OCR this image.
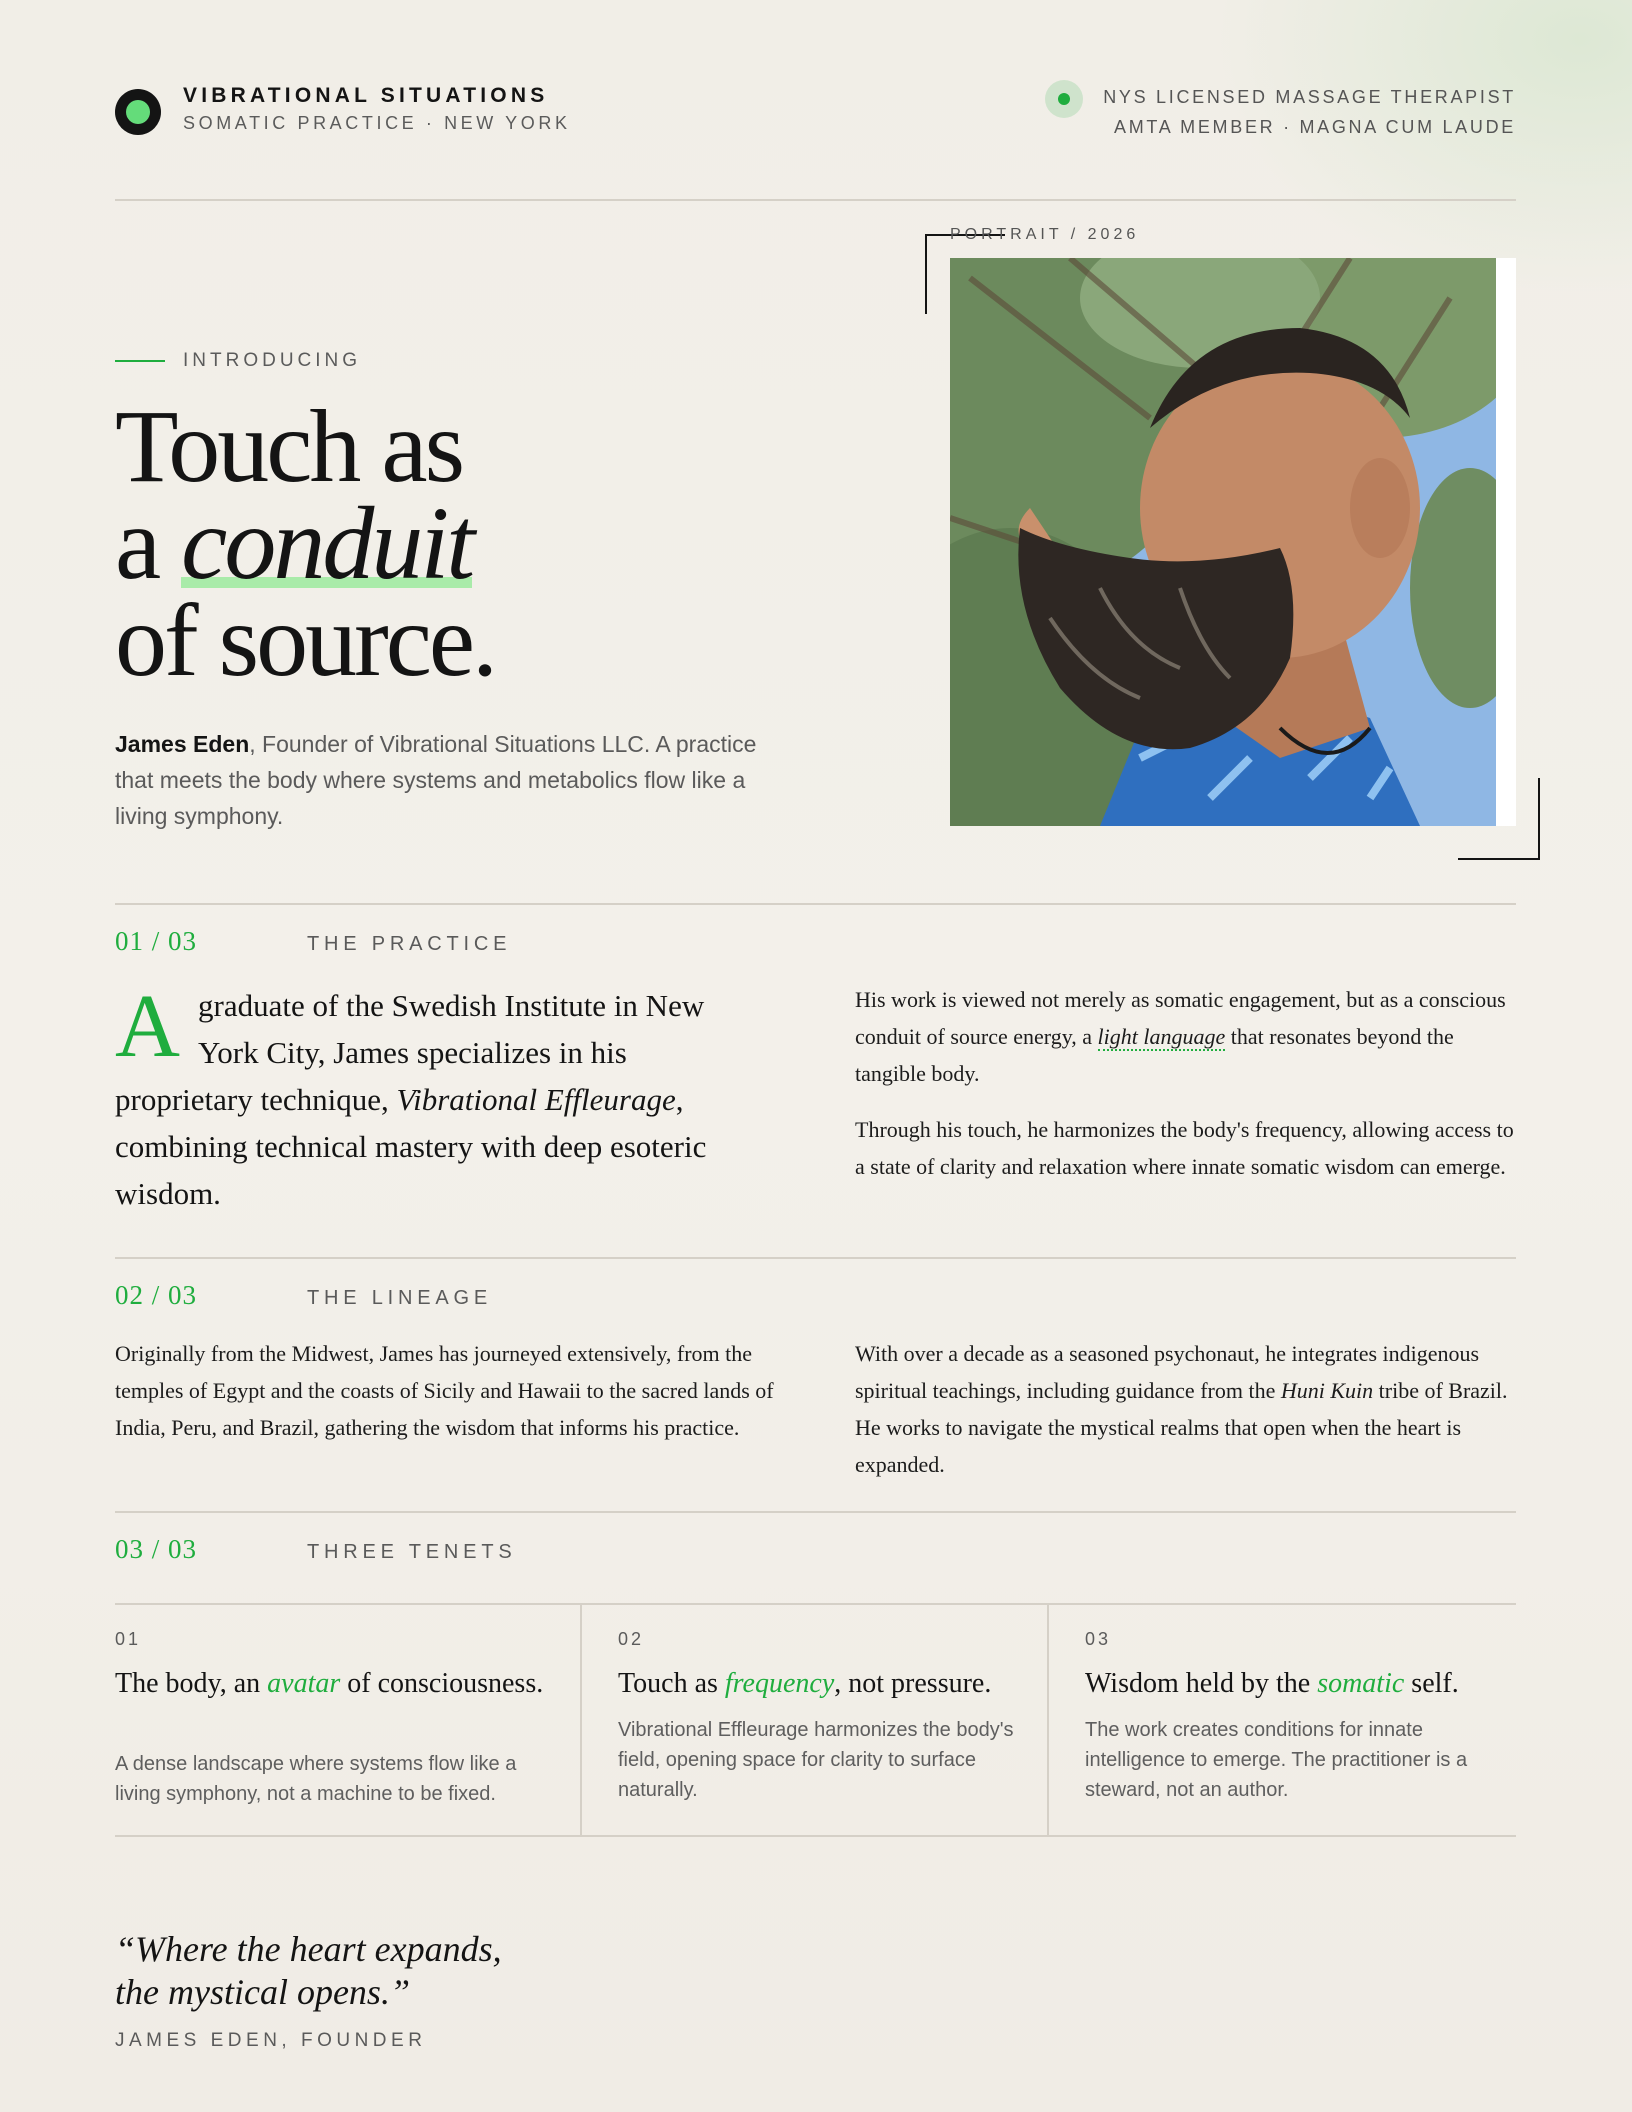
VIBRATIONAL SITUATIONS
SOMATIC PRACTICE · NEW YORK
NYS LICENSED MASSAGE THERAPIST
AMTA MEMBER · MAGNA CUM LAUDE
INTRODUCING
Touch as
a conduit
of source.
James Eden, Founder of Vibrational Situations LLC. A practice that meets the body where systems and metabolics flow like a living symphony.
PORTRAIT / 2026
01 / 03	THE PRACTICE
Agraduate of the Swedish Institute in New York City, James specializes in his proprietary technique, Vibrational Effleurage, combining technical mastery with deep esoteric wisdom.
His work is viewed not merely as somatic engagement, but as a conscious conduit of source energy, a light language that resonates beyond the tangible body.
Through his touch, he harmonizes the body's frequency, allowing access to a state of clarity and relaxation where innate somatic wisdom can emerge.
02 / 03	THE LINEAGE
Originally from the Midwest, James has journeyed extensively, from the temples of Egypt and the coasts of Sicily and Hawaii to the sacred lands of India, Peru, and Brazil, gathering the wisdom that informs his practice.
With over a decade as a seasoned psychonaut, he integrates indigenous spiritual teachings, including guidance from the Huni Kuin tribe of Brazil. He works to navigate the mystical realms that open when the heart is expanded.
03 / 03	THREE TENETS
01
The body, an avatar of consciousness.
A dense landscape where systems flow like a living symphony, not a machine to be fixed.
02
Touch as frequency, not pressure.
Vibrational Effleurage harmonizes the body's field, opening space for clarity to surface naturally.
03
Wisdom held by the somatic self.
The work creates conditions for innate intelligence to emerge. The practitioner is a steward, not an author.
“Where the heart expands,
the mystical opens.”
JAMES EDEN, FOUNDER
